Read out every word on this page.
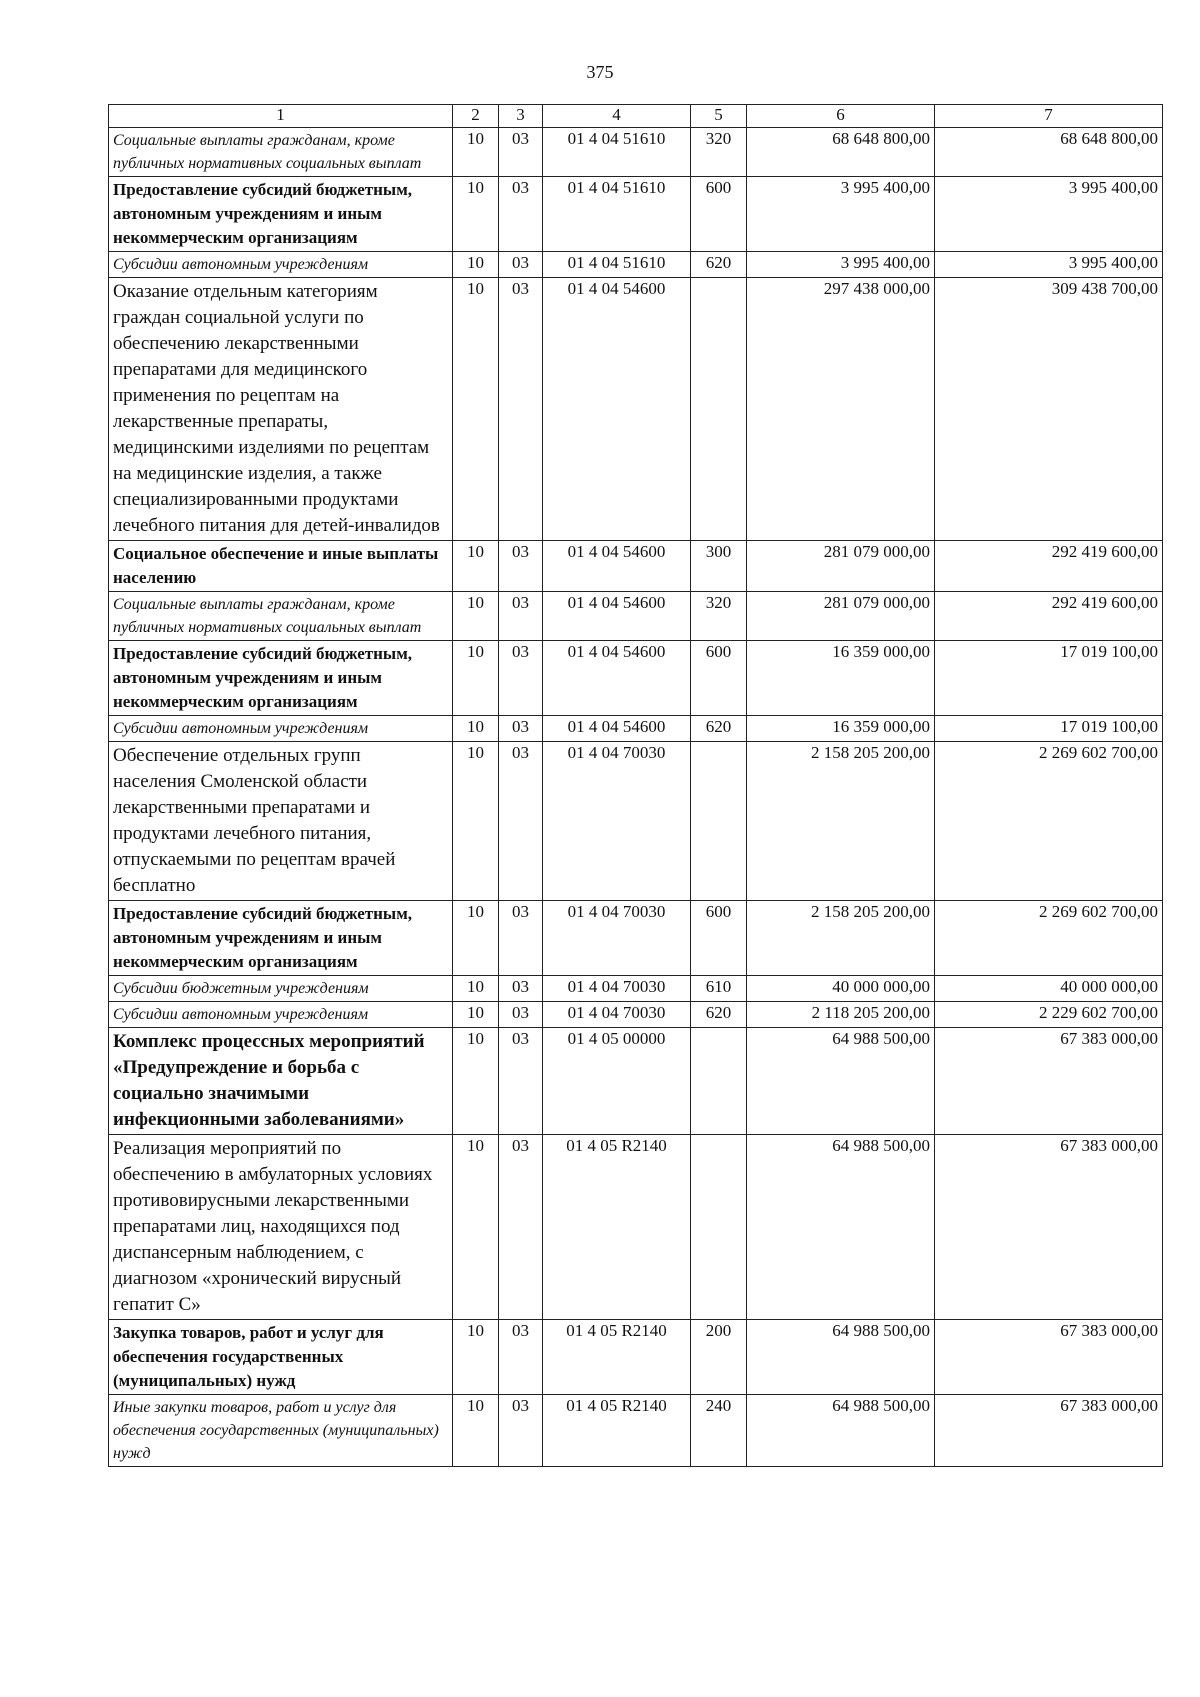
375
1	2	3	4	5	6	7
Социальные выплаты гражданам, кроме публичных нормативных социальных выплат	10	03	01 4 04 51610	320	68 648 800,00	68 648 800,00
Предоставление субсидий бюджетным, автономным учреждениям и иным некоммерческим организациям	10	03	01 4 04 51610	600	3 995 400,00	3 995 400,00
Субсидии автономным учреждениям	10	03	01 4 04 51610	620	3 995 400,00	3 995 400,00
Оказание отдельным категориям граждан социальной услуги по обеспечению лекарственными препаратами для медицинского применения по рецептам на лекарственные препараты, медицинскими изделиями по рецептам на медицинские изделия, а также специализированными продуктами лечебного питания для детей-инвалидов	10	03	01 4 04 54600		297 438 000,00	309 438 700,00
Социальное обеспечение и иные выплаты населению	10	03	01 4 04 54600	300	281 079 000,00	292 419 600,00
Социальные выплаты гражданам, кроме публичных нормативных социальных выплат	10	03	01 4 04 54600	320	281 079 000,00	292 419 600,00
Предоставление субсидий бюджетным, автономным учреждениям и иным некоммерческим организациям	10	03	01 4 04 54600	600	16 359 000,00	17 019 100,00
Субсидии автономным учреждениям	10	03	01 4 04 54600	620	16 359 000,00	17 019 100,00
Обеспечение отдельных групп населения Смоленской области лекарственными препаратами и продуктами лечебного питания, отпускаемыми по рецептам врачей бесплатно	10	03	01 4 04 70030		2 158 205 200,00	2 269 602 700,00
Предоставление субсидий бюджетным, автономным учреждениям и иным некоммерческим организациям	10	03	01 4 04 70030	600	2 158 205 200,00	2 269 602 700,00
Субсидии бюджетным учреждениям	10	03	01 4 04 70030	610	40 000 000,00	40 000 000,00
Субсидии автономным учреждениям	10	03	01 4 04 70030	620	2 118 205 200,00	2 229 602 700,00
Комплекс процессных мероприятий «Предупреждение и борьба с социально значимыми инфекционными заболеваниями»	10	03	01 4 05 00000		64 988 500,00	67 383 000,00
Реализация мероприятий по обеспечению в амбулаторных условиях противовирусными лекарственными препаратами лиц, находящихся под диспансерным наблюдением, с диагнозом «хронический вирусный гепатит С»	10	03	01 4 05 R2140		64 988 500,00	67 383 000,00
Закупка товаров, работ и услуг для обеспечения государственных (муниципальных) нужд	10	03	01 4 05 R2140	200	64 988 500,00	67 383 000,00
Иные закупки товаров, работ и услуг для обеспечения государственных (муниципальных) нужд	10	03	01 4 05 R2140	240	64 988 500,00	67 383 000,00
